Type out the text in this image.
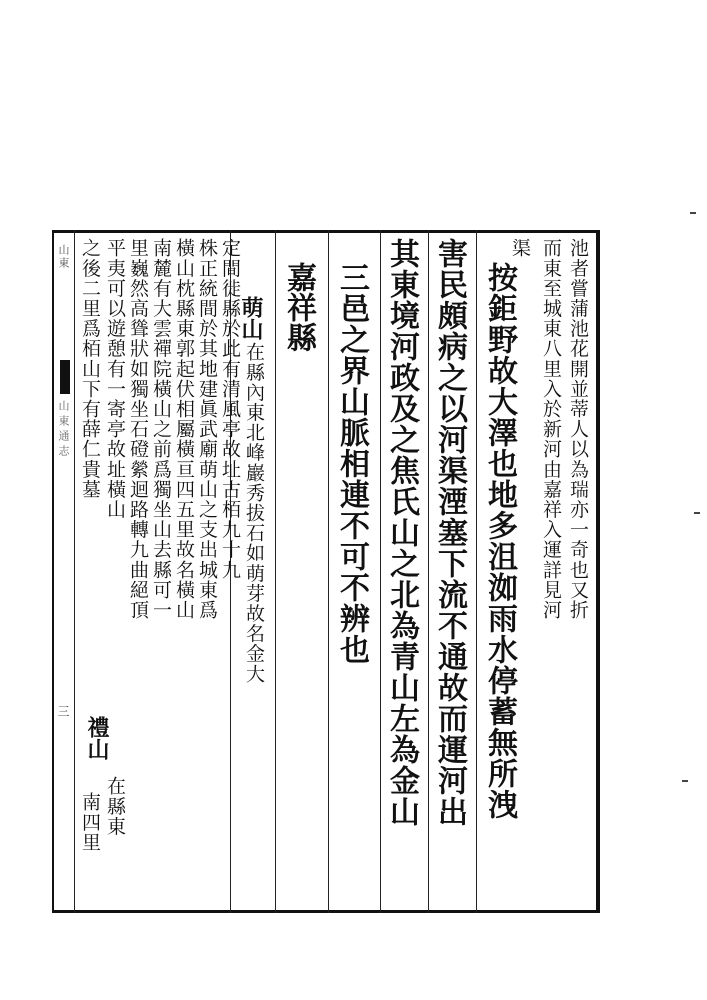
山東
山東通志
三
池者嘗蒲池花開並蒂人以為瑞亦一奇也又折
而東至城東八里入於新河由嘉祥入運詳見河
渠
按鉅野故大澤也地多沮洳雨水停蓄無所洩
害民頗病之以河渠湮塞下流不通故而運河出
其東境河政及之焦氏山之北為青山左為金山
三邑之界山脈相連不可不辨也
嘉祥縣
萌山
在縣內東北峰巖秀拔石如萌芽故名金大
定間徙縣於此有清風亭故址古栢九十九
株正統間於其地建眞武廟萌山之支出城東爲
橫山枕縣東郭起伏相屬橫亘四五里故名橫山
南麓有大雲禪院橫山之前爲獨坐山去縣可一
里巍然高聳狀如獨坐石磴縈迴路轉九曲絕頂
平夷可以遊憩有一寄亭故址橫山
禮山
在縣東
之後二里爲栢山下有薛仁貴墓
南四里
